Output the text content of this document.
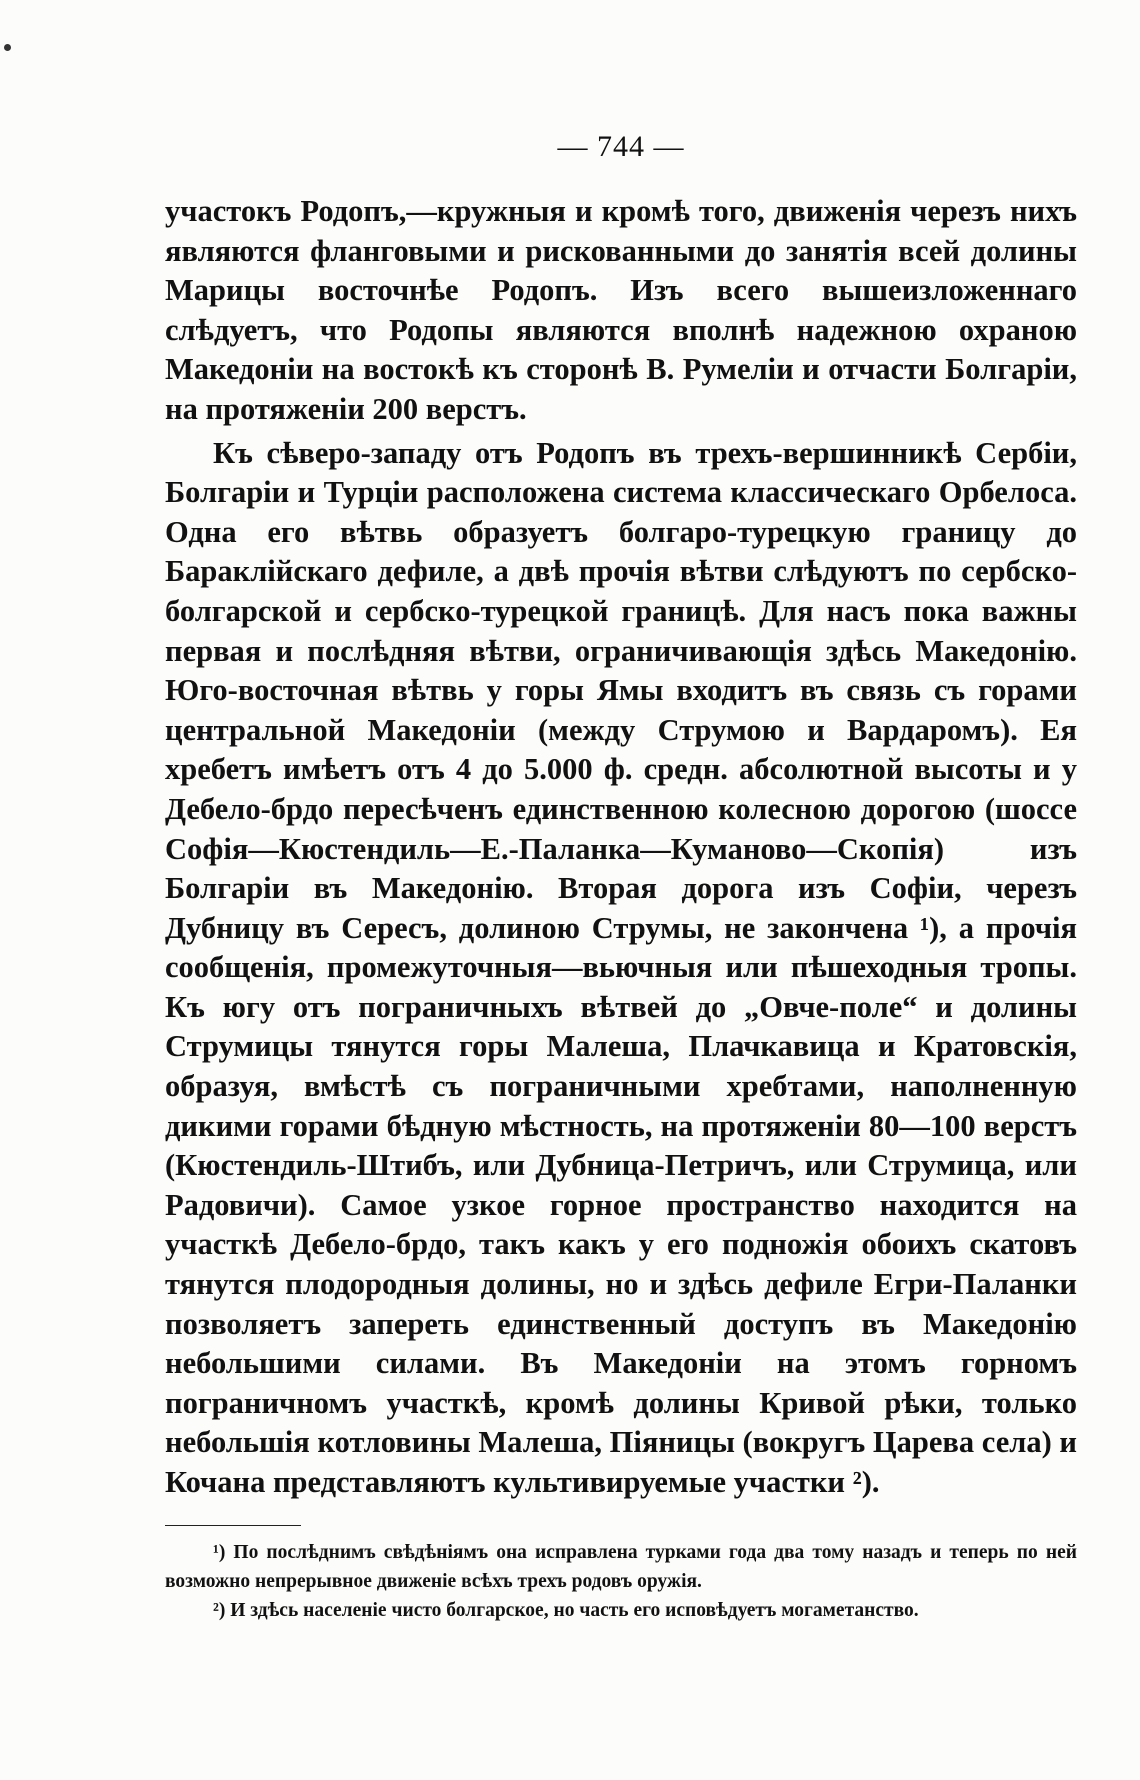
— 744 —

участокъ Родопъ,—кружныя и кромѣ того, движенія черезъ нихъ являются фланговыми и рискованными до занятія всей долины Марицы восточнѣе Родопъ. Изъ всего вышеизложеннаго слѣдуетъ, что Родопы являются вполнѣ надежною охраною Македоніи на востокѣ къ сторонѣ В. Румеліи и отчасти Болгаріи, на протяженіи 200 верстъ.

Къ сѣверо-западу отъ Родопъ въ трехъ-вершинникѣ Сербіи, Болгаріи и Турціи расположена система классическаго Орбелоса. Одна его вѣтвь образуетъ болгаро-турецкую границу до Бараклійскаго дефиле, а двѣ прочія вѣтви слѣдуютъ по сербско-болгарской и сербско-турецкой границѣ. Для насъ пока важны первая и послѣдняя вѣтви, ограничивающія здѣсь Македонію. Юго-восточная вѣтвь у горы Ямы входитъ въ связь съ горами центральной Македоніи (между Струмою и Вардаромъ). Ея хребетъ имѣетъ отъ 4 до 5.000 ф. средн. абсолютной высоты и у Дебело-брдо пересѣченъ единственною колесною дорогою (шоссе Софія—Кюстендиль—Е.-Паланка—Куманово—Скопія) изъ Болгаріи въ Македонію. Вторая дорога изъ Софіи, черезъ Дубницу въ Сересъ, долиною Струмы, не закончена ¹), а прочія сообщенія, промежуточныя—вьючныя или пѣшеходныя тропы. Къ югу отъ пограничныхъ вѣтвей до „Овче-поле“ и долины Струмицы тянутся горы Малеша, Плачкавица и Кратовскія, образуя, вмѣстѣ съ пограничными хребтами, наполненную дикими горами бѣдную мѣстность, на протяженіи 80—100 верстъ (Кюстендиль-Штибъ, или Дубница-Петричъ, или Струмица, или Радовичи). Самое узкое горное пространство находится на участкѣ Дебело-брдо, такъ какъ у его подножія обоихъ скатовъ тянутся плодородныя долины, но и здѣсь дефиле Егри-Паланки позволяетъ запереть единственный доступъ въ Македонію небольшими силами. Въ Македоніи на этомъ горномъ пограничномъ участкѣ, кромѣ долины Кривой рѣки, только небольшія котловины Малеша, Піяницы (вокругъ Царева села) и Кочана представляютъ культивируемые участки ²).

¹) По послѣднимъ свѣдѣніямъ она исправлена турками года два тому назадъ и теперь по ней возможно непрерывное движеніе всѣхъ трехъ родовъ оружія.

²) И здѣсь населеніе чисто болгарское, но часть его исповѣдуетъ могаметанство.
